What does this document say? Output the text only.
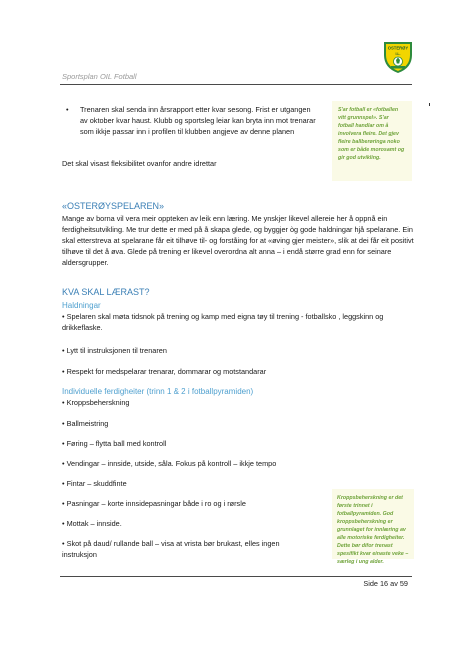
Sportsplan OIL Fotball
OSTERØY
I.L.
•	Trenaren skal senda inn årsrapport etter kvar sesong. Frist er utgangen av oktober kvar haust. Klubb og sportsleg leiar kan bryta inn mot trenarar som ikkje passar inn i profilen til klubben angjeve av denne planen
Det skal visast fleksibilitet ovanfor andre idrettar
S'ar fotball er «fotballen vitt grunnspel». S'ar fotball handlar om å involvera fleire. Det gjev fleire ballberøringa noko som er både morosamt og gir god utvikling.
«OSTERØYSPELAREN»
Mange av borna vil vera meir oppteken av leik enn læring. Me ynskjer likevel allereie her å oppnå ein ferdigheitsutvikling. Me trur dette er med på å skapa glede, og byggjer òg gode haldningar hjå spelarane. Ein skal etterstreva at spelarane får eit tilhøve til- og forståing for at «øving gjer meister», slik at dei får eit positivt tilhøve til det å øva. Glede på trening er likevel overordna alt anna – i endå større grad enn for seinare aldersgrupper.
KVA SKAL LÆRAST?
Haldningar
• Spelaren skal møta tidsnok på trening og kamp med eigna tøy til trening - fotballsko , leggskinn og drikkeflaske.
• Lytt til instruksjonen til trenaren
• Respekt for medspelarar trenarar, dommarar og motstandarar
Individuelle ferdigheiter (trinn 1 & 2 i fotballpyramiden)
• Kroppsbeherskning
• Ballmeistring
• Føring – flytta ball med kontroll
• Vendingar – innside, utside, såla. Fokus på kontroll – ikkje tempo
• Fintar – skuddfinte
• Pasningar – korte innsidepasningar både i ro og i rørsle
• Mottak – innside.
• Skot på daud/ rullande ball – visa at vrista bør brukast, elles ingen instruksjon
Kroppsbeherskning er det første trinnet i fotballpyramiden. God kroppsbeherskning er grunnlaget for innlæring av alle motoriske ferdigheiter. Dette bør difor trenast spesifikt kvar einaste veke – særleg i ung alder.
Side 16 av 59
